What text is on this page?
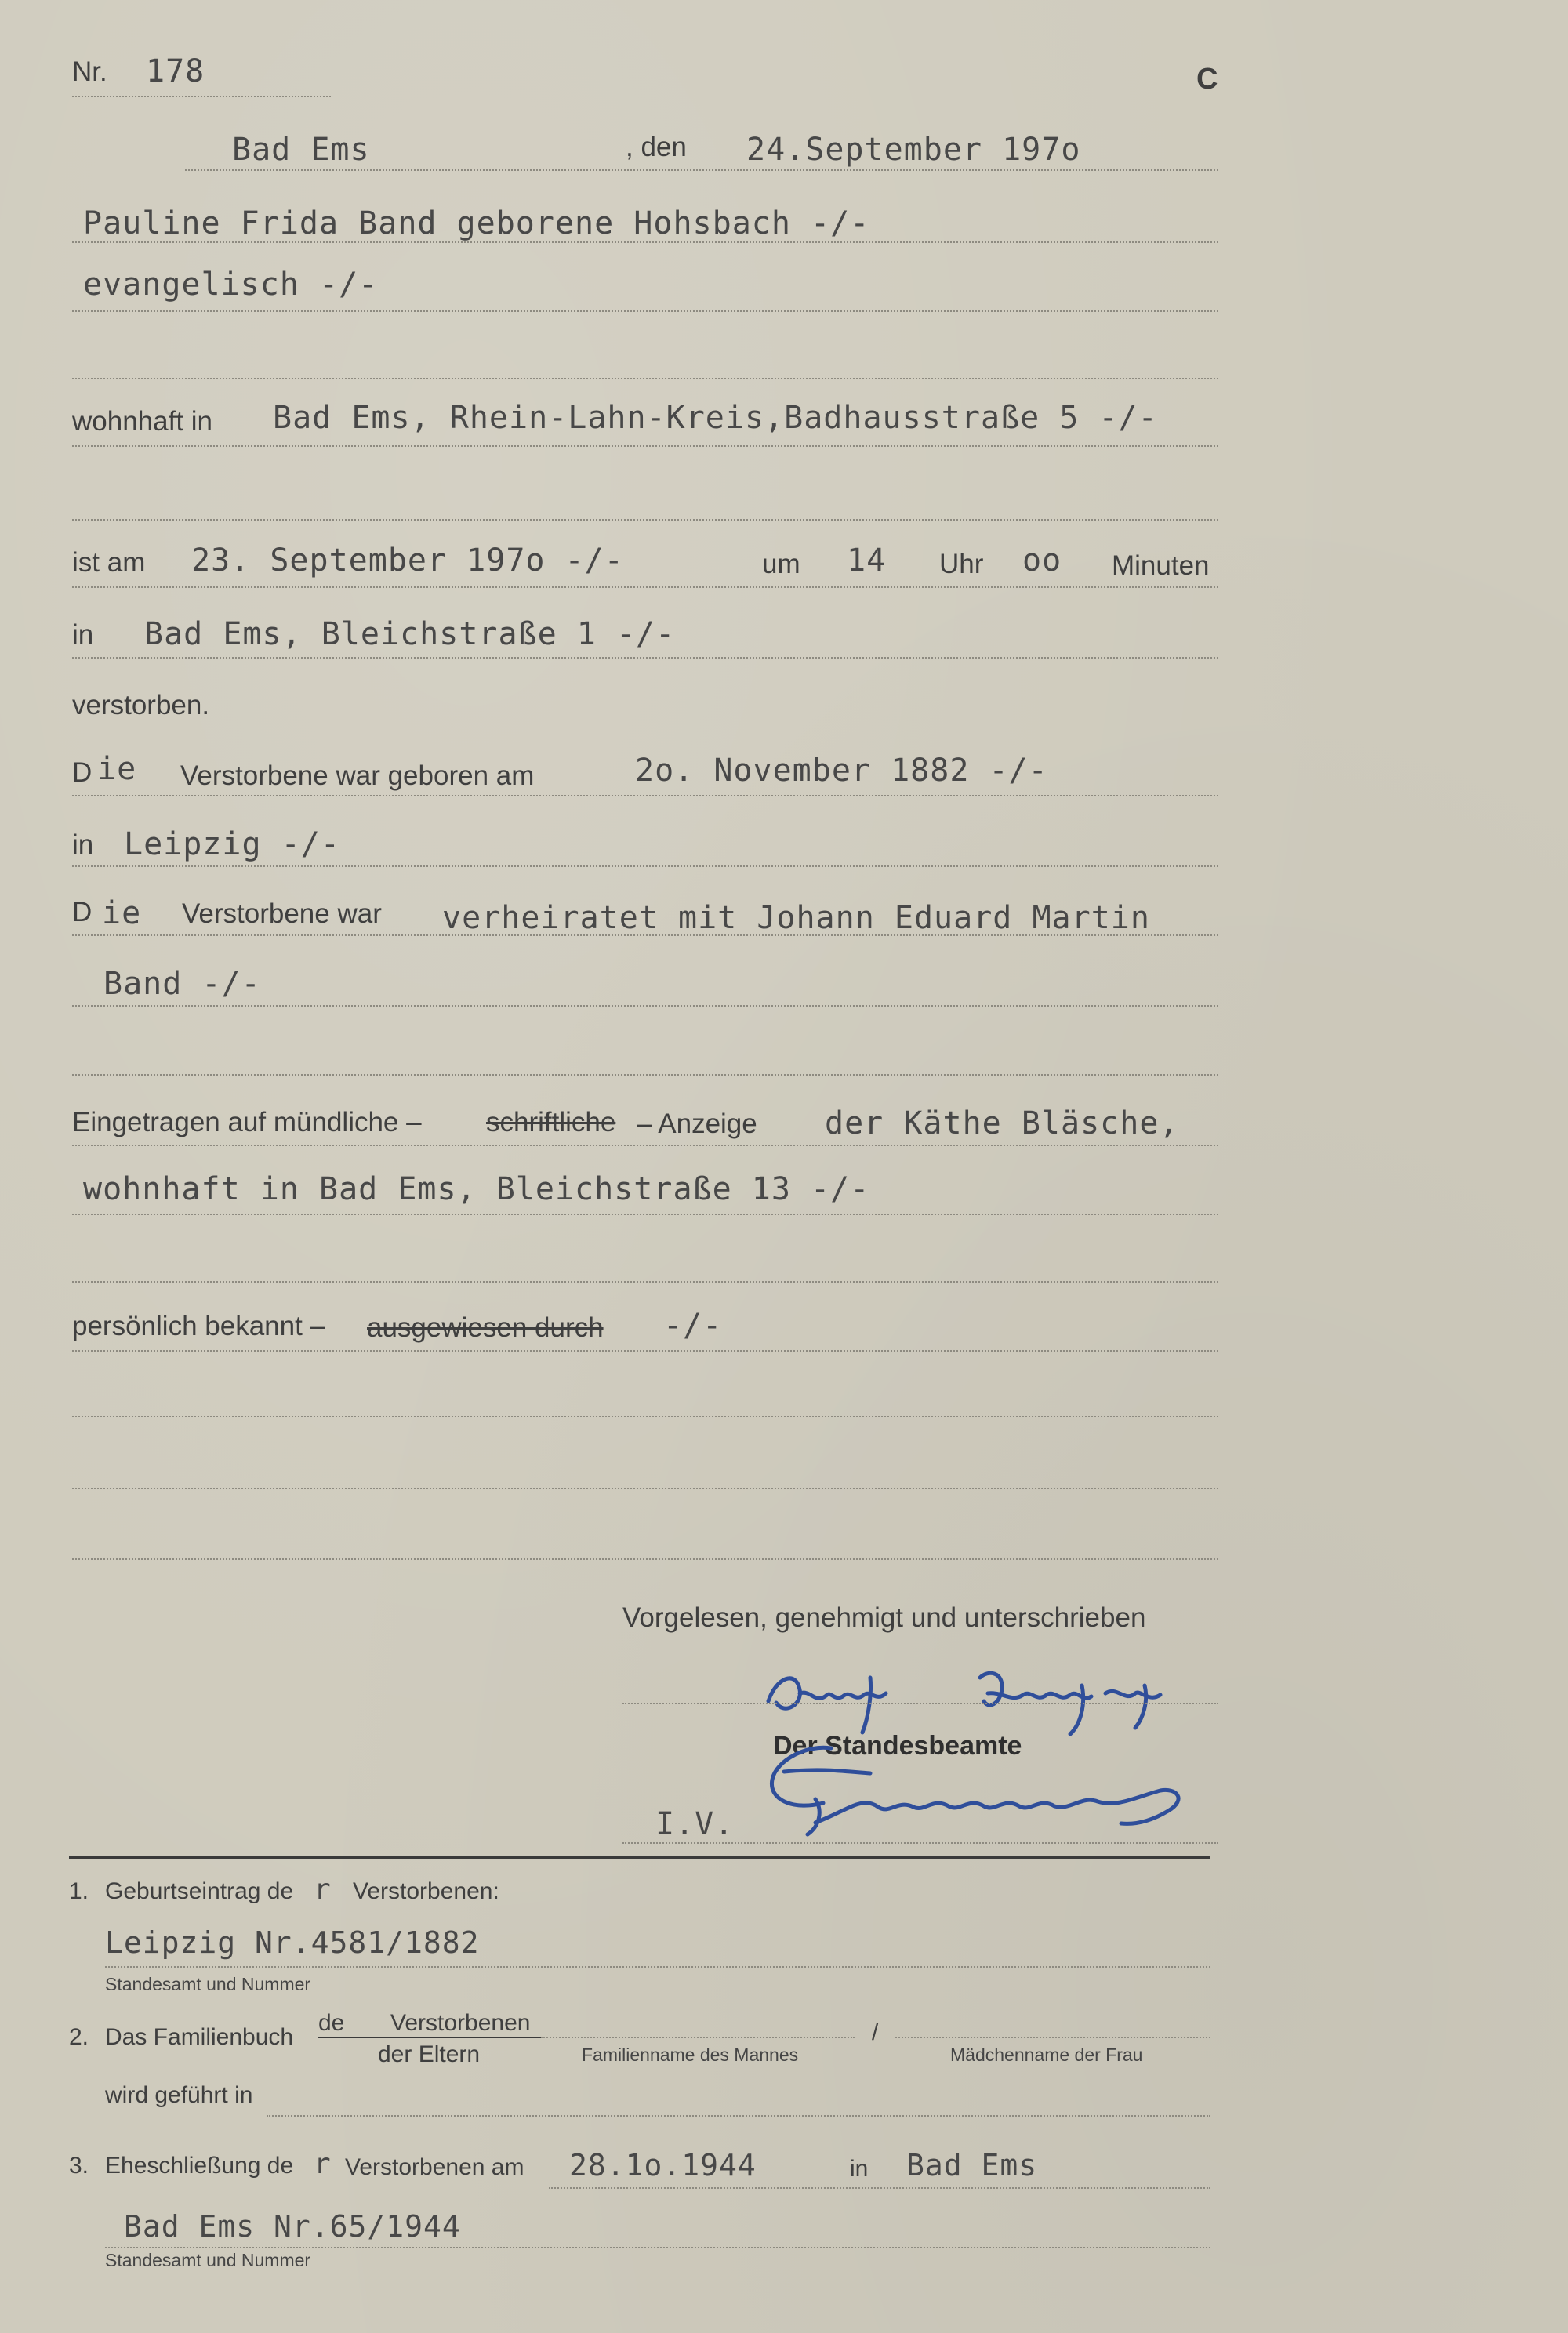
Nr. 178	C
Bad Ems	, den 24.September 197o
Pauline Frida Band geborene Hohsbach -/-
evangelisch -/-
wohnhaft in Bad Ems, Rhein-Lahn-Kreis,Badhausstraße 5 -/-
ist am 23. September 197o -/-	um 14 Uhr oo Minuten
in Bad Ems, Bleichstraße 1 -/-
verstorben.
D ie Verstorbene war geboren am	2o. November 1882 -/-
in Leipzig -/-
D ie Verstorbene war verheiratet mit Johann Eduard Martin
Band -/-
Eingetragen auf mündliche – schriftliche – Anzeige der Käthe Bläsche,
wohnhaft in Bad Ems, Bleichstraße 13 -/-
persönlich bekannt – ausgewiesen durch -/-
Vorgelesen, genehmigt und unterschrieben
Der Standesbeamte
I.V.
1. Geburtseintrag de r Verstorbenen:
Leipzig Nr.4581/1882
Standesamt und Nummer
2. Das Familienbuch
de Verstorbenen
der Eltern	Familienname des Mannes
/
Mädchenname der Frau
wird geführt in
3. Eheschließung de r Verstorbenen am 28.1o.1944	in Bad Ems
Bad Ems Nr.65/1944
Standesamt und Nummer
